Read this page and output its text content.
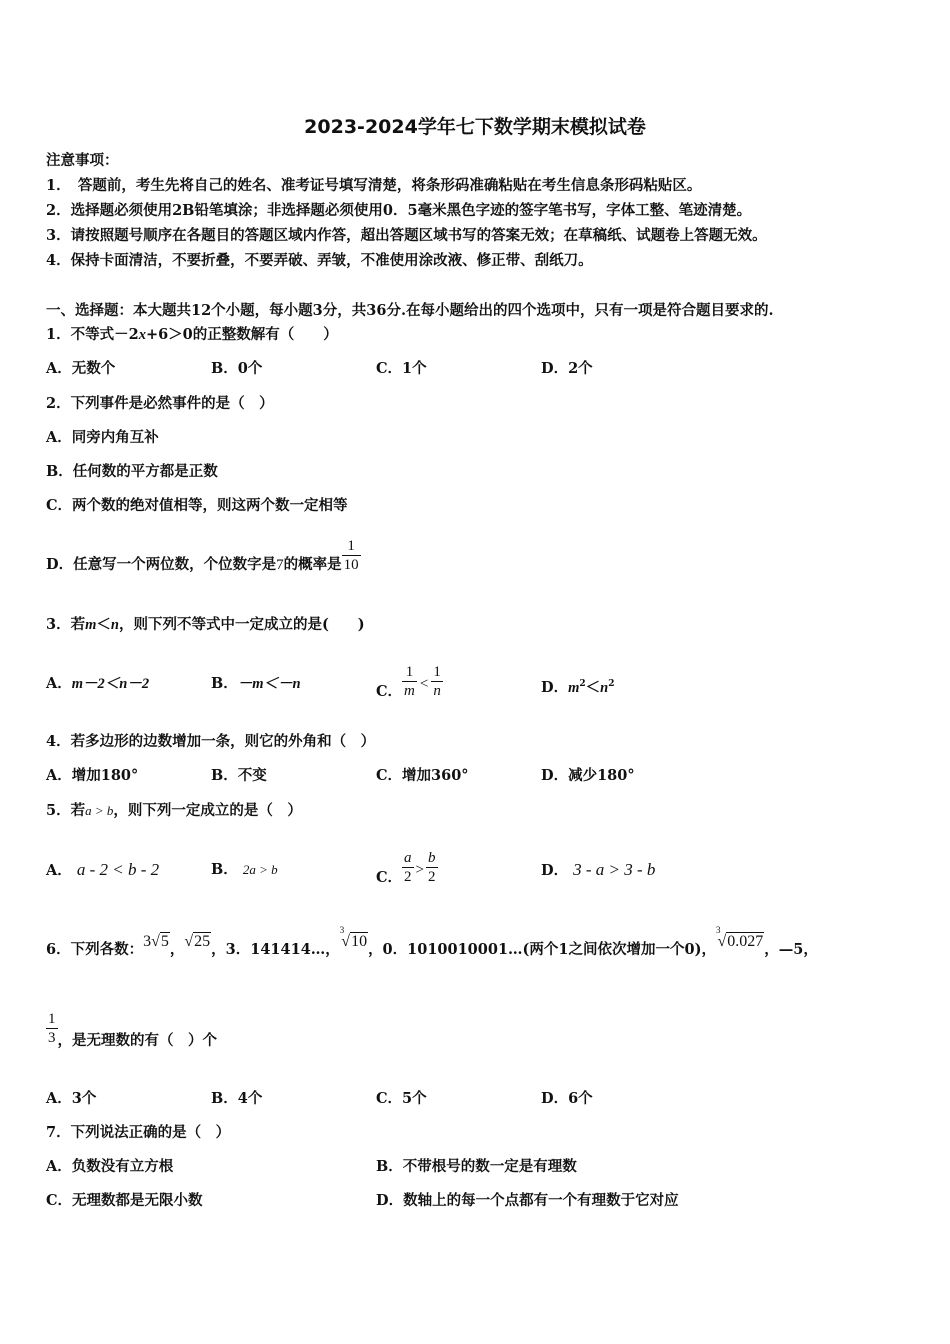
2023-2024学年七下数学期末模拟试卷
注意事项：
1．　答题前，考生先将自己的姓名、准考证号填写清楚，将条形码准确粘贴在考生信息条形码粘贴区。
2．选择题必须使用2B铅笔填涂；非选择题必须使用0．5毫米黑色字迹的签字笔书写，字体工整、笔迹清楚。
3．请按照题号顺序在各题目的答题区域内作答，超出答题区域书写的答案无效；在草稿纸、试题卷上答题无效。
4．保持卡面清洁，不要折叠，不要弄破、弄皱，不准使用涂改液、修正带、刮纸刀。
一、选择题：本大题共12个小题，每小题3分，共36分.在每小题给出的四个选项中，只有一项是符合题目要求的.
1．不等式－2x+6＞0的正整数解有（　　）
A．无数个	B．0个	C．1个	D．2个
2．下列事件是必然事件的是（　）
A．同旁内角互补
B．任何数的平方都是正数
C．两个数的绝对值相等，则这两个数一定相等
D．任意写一个两位数，个位数字是7的概率是 $\frac{1}{10}$
3．若m＜n，则下列不等式中一定成立的是(　　)
A．m－2＜n－2	B．－m＜－n	C． $\frac{1}{m} < \frac{1}{n}$	D．$m^2<n^2$
4．若多边形的边数增加一条，则它的外角和（　）
A．增加180°	B．不变	C．增加360°	D．减少180°
5．若a > b，则下列一定成立的是（　）
A． a - 2 < b - 2	B． 2a > b	C． $\frac{a}{2} > \frac{b}{2}$	D． 3 - a > 3 - b
6．下列各数：3√5，√25，3．141414…，$^3$√10，0．1010010001…(两个1之间依次增加一个0)，$^3$√0.027，—5，
$\frac{1}{3}$ ，是无理数的有（　）个
A．3个	B．4个	C．5个	D．6个
7．下列说法正确的是（　）
A．负数没有立方根	B．不带根号的数一定是有理数
C．无理数都是无限小数	D．数轴上的每一个点都有一个有理数于它对应
